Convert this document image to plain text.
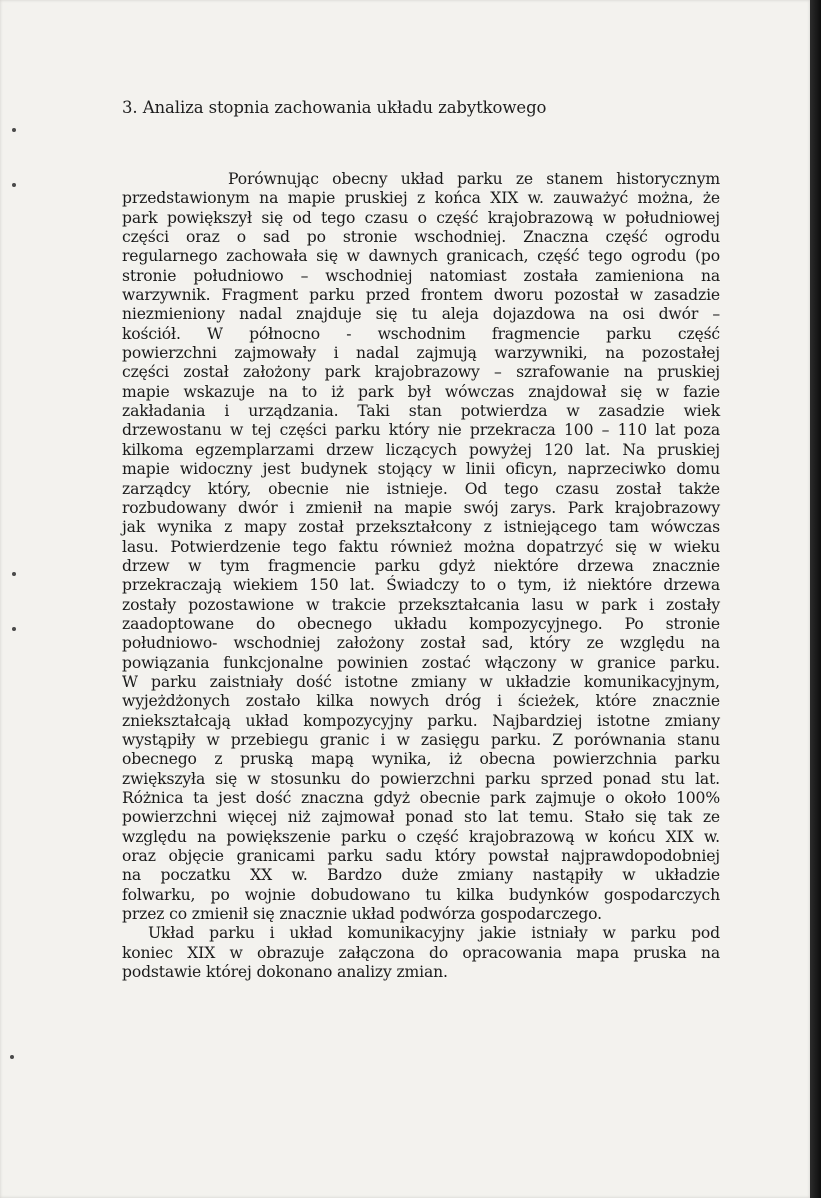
3. Analiza stopnia zachowania układu zabytkowego
Porównując obecny układ parku ze stanem historycznym
przedstawionym na mapie pruskiej z końca XIX w. zauważyć można, że
park powiększył się od tego czasu o część krajobrazową w południowej
części oraz o sad po stronie wschodniej. Znaczna część ogrodu
regularnego zachowała się w dawnych granicach, część tego ogrodu (po
stronie południowo – wschodniej natomiast została zamieniona na
warzywnik. Fragment parku przed frontem dworu pozostał w zasadzie
niezmieniony nadal znajduje się tu aleja dojazdowa na osi dwór –
kościół. W północno - wschodnim fragmencie parku część
powierzchni zajmowały i nadal zajmują warzywniki, na pozostałej
części został założony park krajobrazowy – szrafowanie na pruskiej
mapie wskazuje na to iż park był wówczas znajdował się w fazie
zakładania i urządzania. Taki stan potwierdza w zasadzie wiek
drzewostanu w tej części parku który nie przekracza 100 – 110 lat poza
kilkoma egzemplarzami drzew liczących powyżej 120 lat. Na pruskiej
mapie widoczny jest budynek stojący w linii oficyn, naprzeciwko domu
zarządcy który, obecnie nie istnieje. Od tego czasu został także
rozbudowany dwór i zmienił na mapie swój zarys. Park krajobrazowy
jak wynika z mapy został przekształcony z istniejącego tam wówczas
lasu. Potwierdzenie tego faktu również można dopatrzyć się w wieku
drzew w tym fragmencie parku gdyż niektóre drzewa znacznie
przekraczają wiekiem 150 lat. Świadczy to o tym, iż niektóre drzewa
zostały pozostawione w trakcie przekształcania lasu w park i zostały
zaadoptowane do obecnego układu kompozycyjnego. Po stronie
południowo- wschodniej założony został sad, który ze względu na
powiązania funkcjonalne powinien zostać włączony w granice parku.
W parku zaistniały dość istotne zmiany w układzie komunikacyjnym,
wyjeżdżonych zostało kilka nowych dróg i ścieżek, które znacznie
zniekształcają układ kompozycyjny parku. Najbardziej istotne zmiany
wystąpiły w przebiegu granic i w zasięgu parku. Z porównania stanu
obecnego z pruską mapą wynika, iż obecna powierzchnia parku
zwiększyła się w stosunku do powierzchni parku sprzed ponad stu lat.
Różnica ta jest dość znaczna gdyż obecnie park zajmuje o około 100%
powierzchni więcej niż zajmował ponad sto lat temu. Stało się tak ze
względu na powiększenie parku o część krajobrazową w końcu XIX w.
oraz objęcie granicami parku sadu który powstał najprawdopodobniej
na poczatku XX w. Bardzo duże zmiany nastąpiły w układzie
folwarku, po wojnie dobudowano tu kilka budynków gospodarczych
przez co zmienił się znacznie układ podwórza gospodarczego.
Układ parku i układ komunikacyjny jakie istniały w parku pod
koniec XIX w obrazuje załączona do opracowania mapa pruska na
podstawie której dokonano analizy zmian.
